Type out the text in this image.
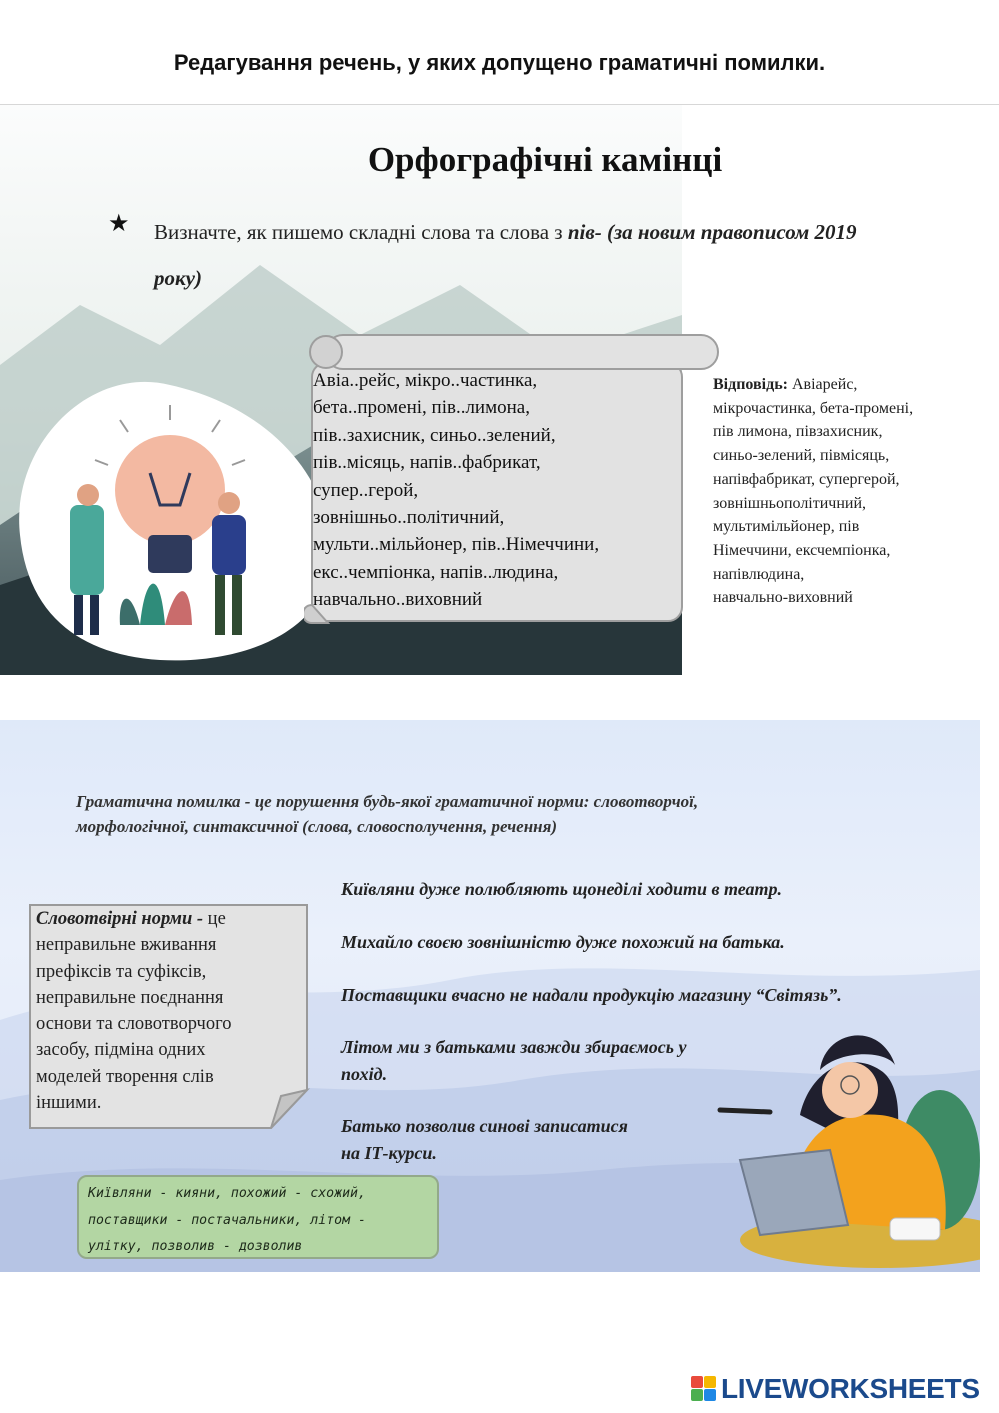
Редагування речень, у яких допущено граматичні помилки.
Орфографічні камінці
★ Визначте, як пишемо складні слова та слова з пів- (за новим правописом 2019 року)
Авіа..рейс, мікро..частинка,
бета..промені, пів..лимона,
пів..захисник, синьо..зелений,
пів..місяць, напів..фабрикат,
супер..герой,
зовнішньо..політичний,
мульти..мільйонер, пів..Німеччини,
екс..чемпіонка, напів..людина,
навчально..виховний
Відповідь: Авіарейс,
мікрочастинка, бета-промені,
пів лимона, півзахисник,
синьо-зелений, півмісяць,
напівфабрикат, супергерой,
зовнішньополітичний,
мультимільйонер, пів
Німеччини, ексчемпіонка,
напівлюдина,
навчально-виховний
Граматична помилка - це порушення будь-якої граматичної норми: словотворчої,
морфологічної, синтаксичної (слова, словосполучення, речення)
Київляни дуже полюбляють щонеділі ходити в театр.
Михайло своєю зовнішністю дуже похожий на батька.
Поставщики вчасно не надали продукцію магазину “Світязь”.
Літом ми з батьками завжди збираємось у
похід.
Батько позволив синові записатися
на ІТ-курси.
Словотвірні норми - це
неправильне вживання
префіксів та суфіксів,
неправильне поєднання
основи та словотворчого
засобу, підміна одних
моделей творення слів
іншими.
Київляни - кияни, похожий - схожий,
поставщики - постачальники, літом -
улітку, позволив - дозволив
LIVEWORKSHEETS
